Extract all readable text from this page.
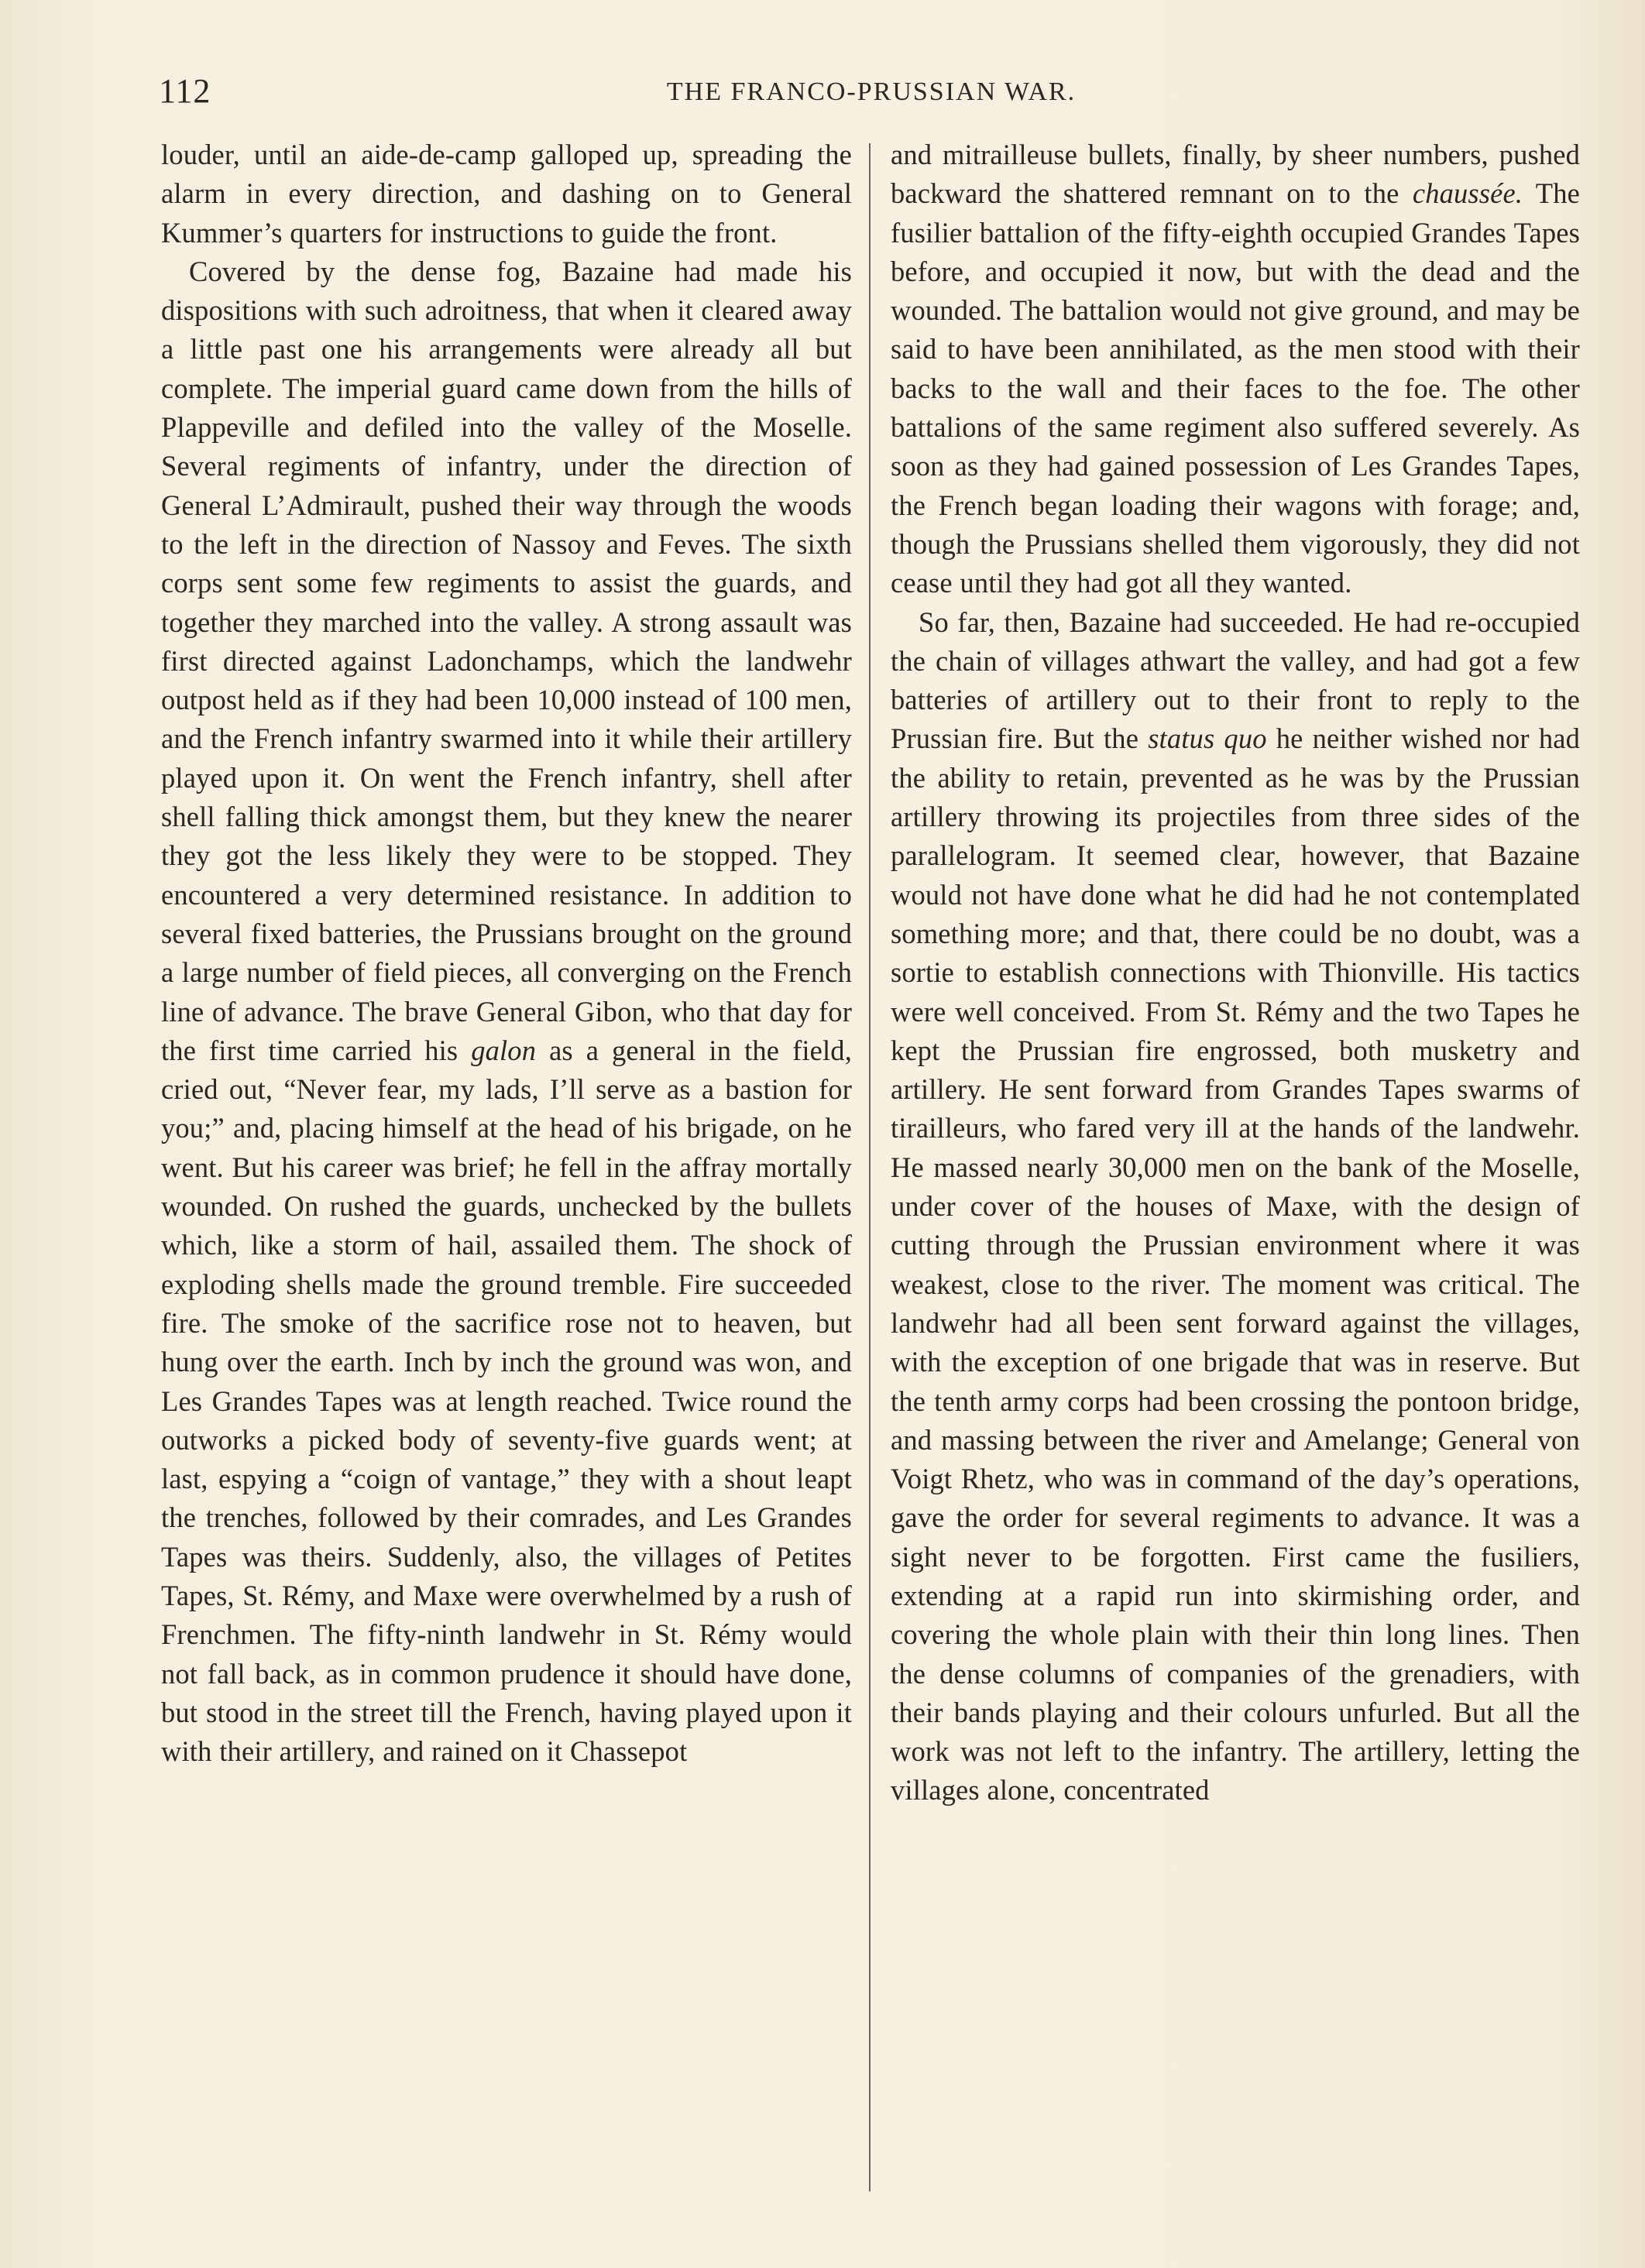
112	THE FRANCO-PRUSSIAN WAR.

louder, until an aide-de-camp galloped up, spreading the alarm in every direction, and dashing on to General Kummer’s quarters for instructions to guide the front.

Covered by the dense fog, Bazaine had made his dispositions with such adroitness, that when it cleared away a little past one his arrangements were already all but complete. The imperial guard came down from the hills of Plappeville and defiled into the valley of the Moselle. Several regiments of infantry, under the direction of General L’Admirault, pushed their way through the woods to the left in the direction of Nassoy and Feves. The sixth corps sent some few regiments to assist the guards, and together they marched into the valley. A strong assault was first directed against Ladonchamps, which the landwehr outpost held as if they had been 10,000 instead of 100 men, and the French infantry swarmed into it while their artillery played upon it. On went the French infantry, shell after shell falling thick amongst them, but they knew the nearer they got the less likely they were to be stopped. They encountered a very determined resistance. In addition to several fixed batteries, the Prussians brought on the ground a large number of field pieces, all converging on the French line of advance. The brave General Gibon, who that day for the first time carried his galon as a general in the field, cried out, “Never fear, my lads, I’ll serve as a bastion for you;” and, placing himself at the head of his brigade, on he went. But his career was brief; he fell in the affray mortally wounded. On rushed the guards, unchecked by the bullets which, like a storm of hail, assailed them. The shock of exploding shells made the ground tremble. Fire succeeded fire. The smoke of the sacrifice rose not to heaven, but hung over the earth. Inch by inch the ground was won, and Les Grandes Tapes was at length reached. Twice round the outworks a picked body of seventy-five guards went; at last, espying a “coign of vantage,” they with a shout leapt the trenches, followed by their comrades, and Les Grandes Tapes was theirs. Suddenly, also, the villages of Petites Tapes, St. Rémy, and Maxe were overwhelmed by a rush of Frenchmen. The fifty-ninth landwehr in St. Rémy would not fall back, as in common prudence it should have done, but stood in the street till the French, having played upon it with their artillery, and rained on it Chassepot

and mitrailleuse bullets, finally, by sheer numbers, pushed backward the shattered remnant on to the chaussée. The fusilier battalion of the fifty-eighth occupied Grandes Tapes before, and occupied it now, but with the dead and the wounded. The battalion would not give ground, and may be said to have been annihilated, as the men stood with their backs to the wall and their faces to the foe. The other battalions of the same regiment also suffered severely. As soon as they had gained possession of Les Grandes Tapes, the French began loading their wagons with forage; and, though the Prussians shelled them vigorously, they did not cease until they had got all they wanted.

So far, then, Bazaine had succeeded. He had re-occupied the chain of villages athwart the valley, and had got a few batteries of artillery out to their front to reply to the Prussian fire. But the status quo he neither wished nor had the ability to retain, prevented as he was by the Prussian artillery throwing its projectiles from three sides of the parallelogram. It seemed clear, however, that Bazaine would not have done what he did had he not contemplated something more; and that, there could be no doubt, was a sortie to establish connections with Thionville. His tactics were well conceived. From St. Rémy and the two Tapes he kept the Prussian fire engrossed, both musketry and artillery. He sent forward from Grandes Tapes swarms of tirailleurs, who fared very ill at the hands of the landwehr. He massed nearly 30,000 men on the bank of the Moselle, under cover of the houses of Maxe, with the design of cutting through the Prussian environment where it was weakest, close to the river. The moment was critical. The landwehr had all been sent forward against the villages, with the exception of one brigade that was in reserve. But the tenth army corps had been crossing the pontoon bridge, and massing between the river and Amelange; General von Voigt Rhetz, who was in command of the day’s operations, gave the order for several regiments to advance. It was a sight never to be forgotten. First came the fusiliers, extending at a rapid run into skirmishing order, and covering the whole plain with their thin long lines. Then the dense columns of companies of the grenadiers, with their bands playing and their colours unfurled. But all the work was not left to the infantry. The artillery, letting the villages alone, concentrated
